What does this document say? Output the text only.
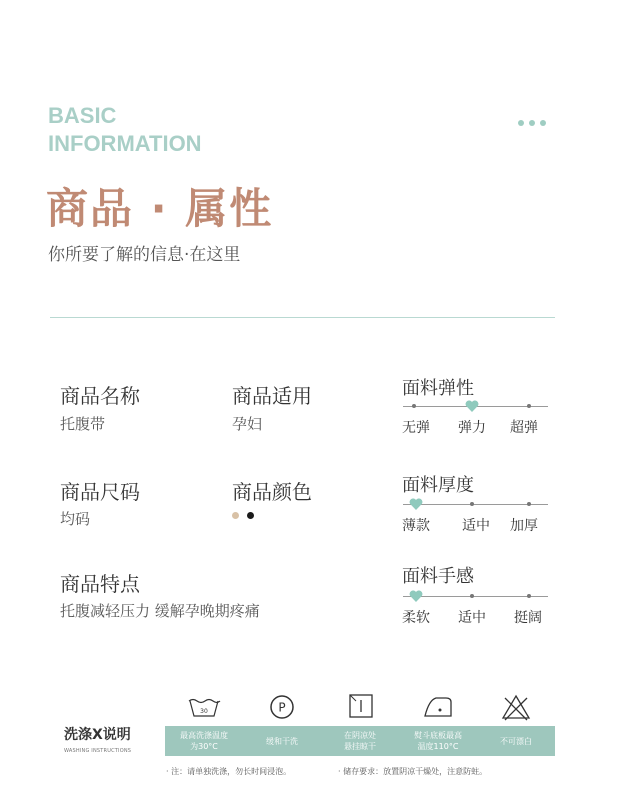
BASIC
INFORMATION
商品 · 属性
你所要了解的信息·在这里
商品名称
托腹带
商品适用
孕妇
商品尺码
均码
商品颜色
商品特点
托腹减轻压力 缓解孕晚期疼痛
面料弹性
无弹 弹力 超弹
面料厚度
薄款 适中 加厚
面料手感
柔软 适中 挺阔
洗涤X说明
WASHING INSTRUCTIONS
30	P
最高洗涤温度
为30°C
缓和干洗
在阴凉处
悬挂晾干
熨斗底板最高
温度110°C
不可漂白
· 注：请单独洗涤，勿长时间浸泡。	· 储存要求：放置阴凉干燥处，注意防蛀。
